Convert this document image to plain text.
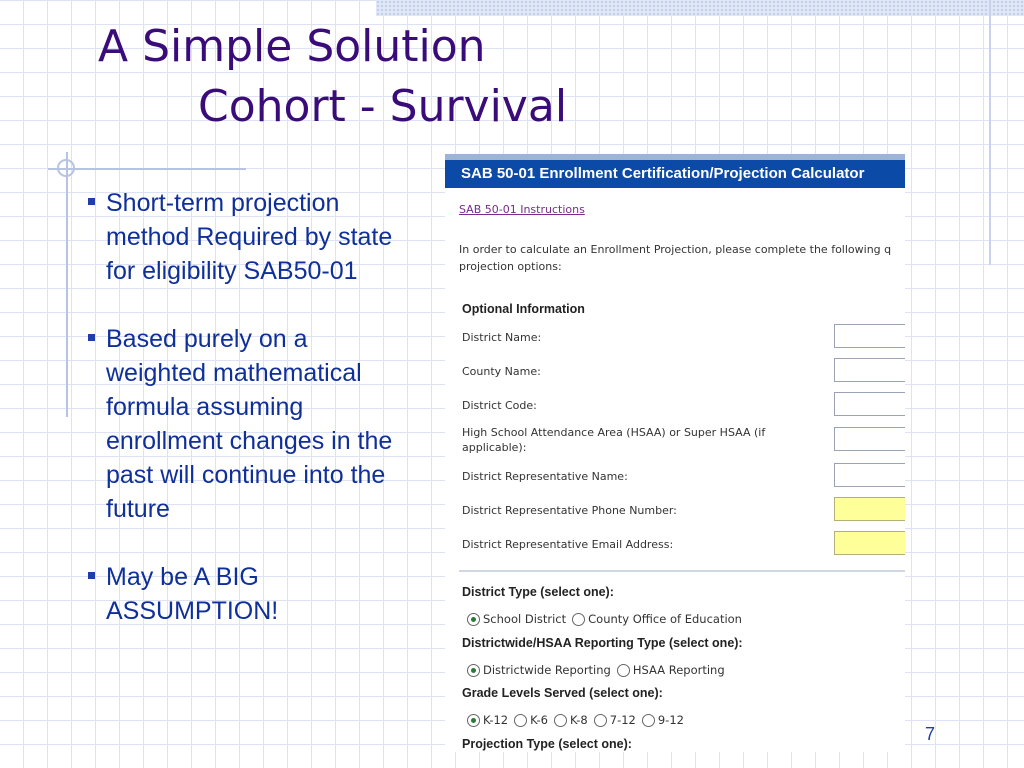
A Simple Solution
Cohort - Survival
Short-term projection method Required by state for eligibility SAB50-01
Based purely on a weighted mathematical formula assuming enrollment changes in the past will continue into the future
May be A BIG ASSUMPTION!
SAB 50-01 Enrollment Certification/Projection Calculator
SAB 50-01 Instructions
In order to calculate an Enrollment Projection, please complete the following q
projection options:
Optional Information
District Name:
County Name:
District Code:
High School Attendance Area (HSAA) or Super HSAA (if applicable):
District Representative Name:
District Representative Phone Number:
District Representative Email Address:
District Type (select one):
School District County Office of Education
Districtwide/HSAA Reporting Type (select one):
Districtwide Reporting HSAA Reporting
Grade Levels Served (select one):
K-12 K-6 K-8 7-12 9-12
Projection Type (select one):	7
